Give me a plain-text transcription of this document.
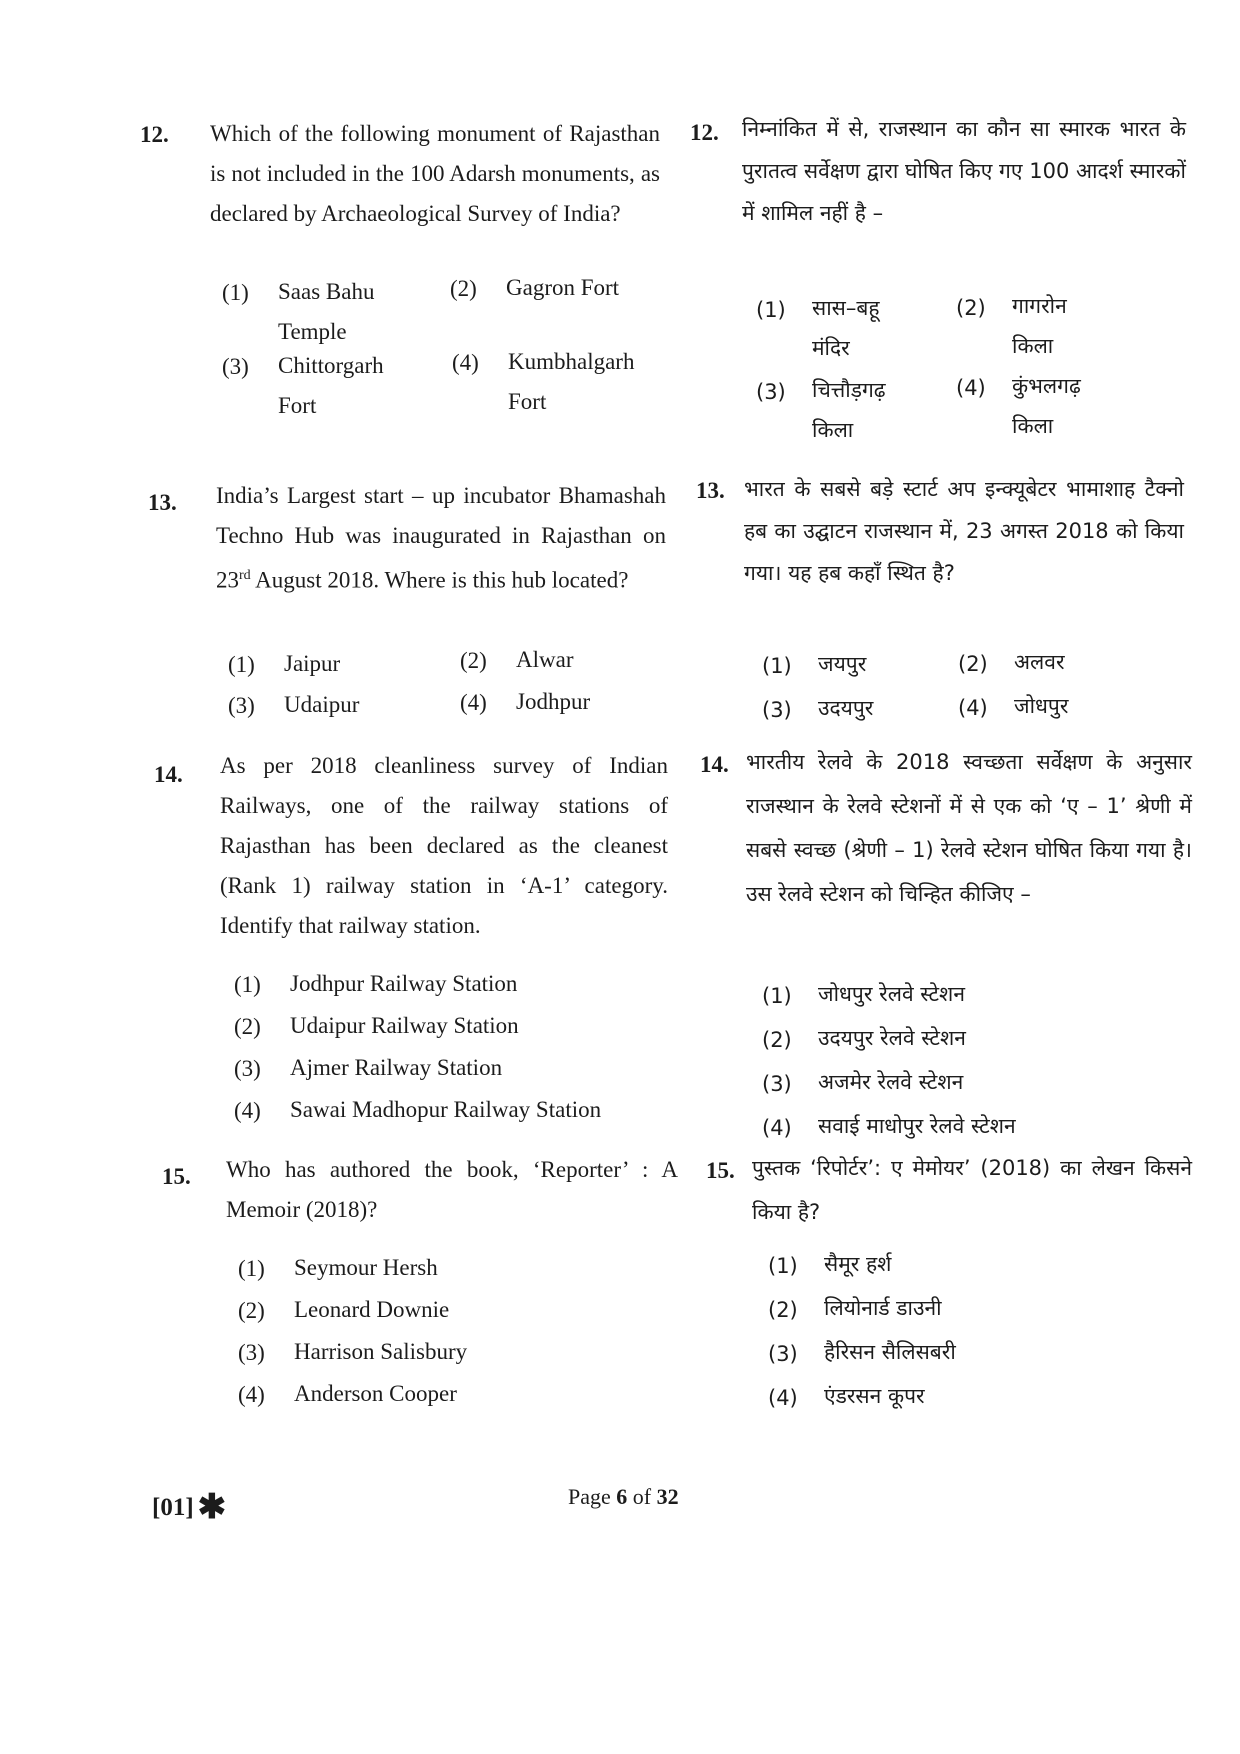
12. Which of the following monument of Rajasthan is not included in the 100 Adarsh monuments, as declared by Archaeological Survey of India?
(1)	Saas Bahu Temple
(2)	Gagron Fort
(3)	Chittorgarh Fort
(4)	Kumbhalgarh Fort
13. India’s Largest start – up incubator Bhamashah Techno Hub was inaugurated in Rajasthan on 23rd August 2018. Where is this hub located?
(1)	Jaipur	(2)	Alwar
(3)	Udaipur	(4)	Jodhpur
14. As per 2018 cleanliness survey of Indian Railways, one of the railway stations of Rajasthan has been declared as the cleanest (Rank 1) railway station in ‘A-1’ category. Identify that railway station.
(1)	Jodhpur Railway Station
(2)	Udaipur Railway Station
(3)	Ajmer Railway Station
(4)	Sawai Madhopur Railway Station
15. Who has authored the book, ‘Reporter’ : A Memoir (2018)?
(1)	Seymour Hersh
(2)	Leonard Downie
(3)	Harrison Salisbury
(4)	Anderson Cooper
12. निम्नांकित में से, राजस्थान का कौन सा स्मारक भारत के पुरातत्व सर्वेक्षण द्वारा घोषित किए गए 100 आदर्श स्मारकों में शामिल नहीं है –
(1)	सास–बहू मंदिर
(2)	गागरोन किला
(3)	चित्तौड़गढ़ किला
(4)	कुंभलगढ़ किला
13. भारत के सबसे बड़े स्टार्ट अप इन्क्यूबेटर भामाशाह टैक्नो हब का उद्घाटन राजस्थान में, 23 अगस्त 2018 को किया गया। यह हब कहाँ स्थित है?
(1)	जयपुर	(2)	अलवर
(3)	उदयपुर	(4)	जोधपुर
14. भारतीय रेलवे के 2018 स्वच्छता सर्वेक्षण के अनुसार राजस्थान के रेलवे स्टेशनों में से एक को ‘ए – 1’ श्रेणी में सबसे स्वच्छ (श्रेणी – 1) रेलवे स्टेशन घोषित किया गया है। उस रेलवे स्टेशन को चिन्हित कीजिए –
(1)	जोधपुर रेलवे स्टेशन
(2)	उदयपुर रेलवे स्टेशन
(3)	अजमेर रेलवे स्टेशन
(4)	सवाई माधोपुर रेलवे स्टेशन
15. पुस्तक ‘रिपोर्टर’: ए मेमोयर’ (2018) का लेखन किसने किया है?
(1)	सैमूर हर्श
(2)	लियोनार्ड डाउनी
(3)	हैरिसन सैलिसबरी
(4)	एंडरसन कूपर
[01] ✱	Page 6 of 32
